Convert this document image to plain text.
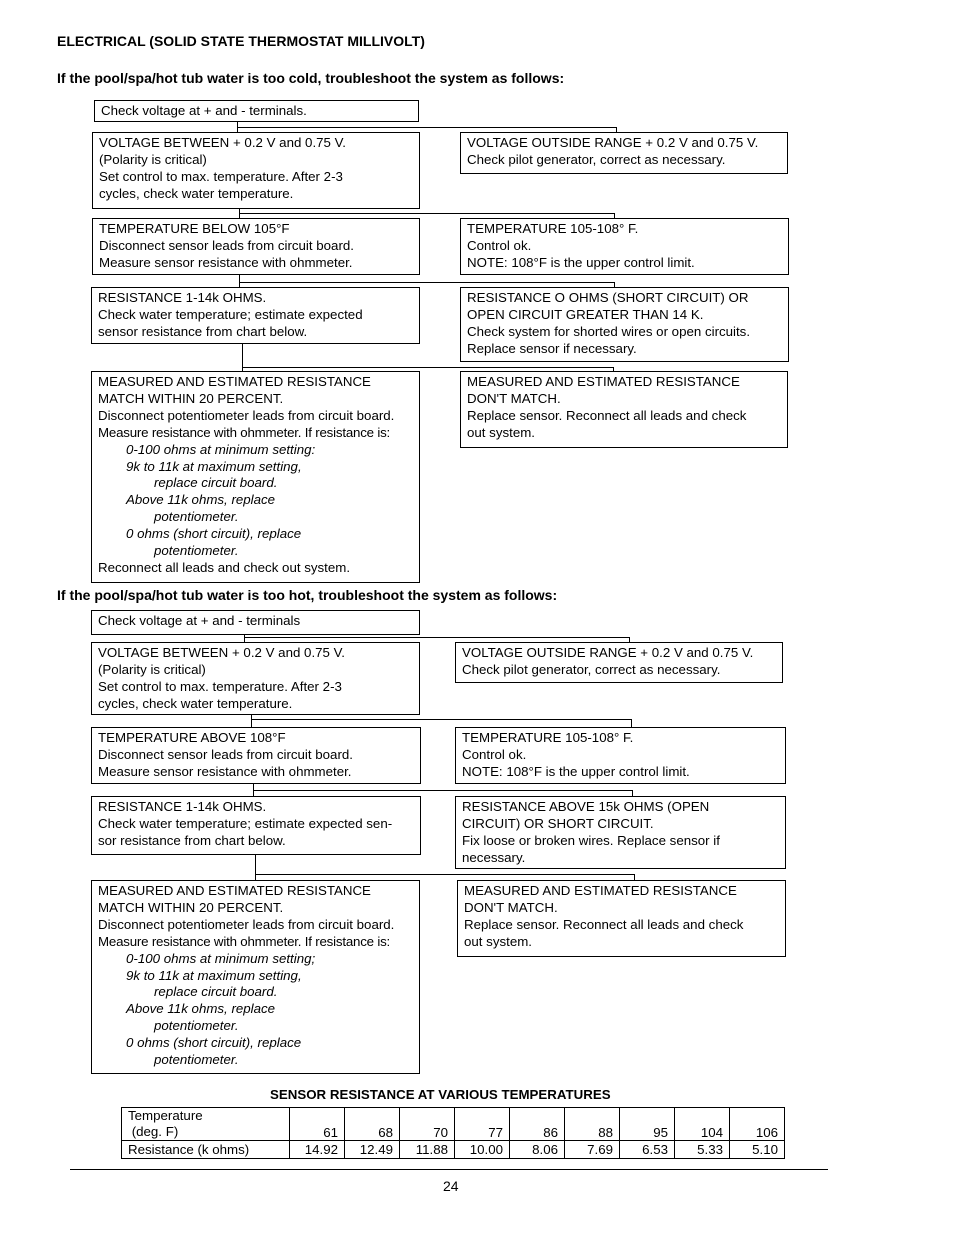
ELECTRICAL (SOLID STATE THERMOSTAT MILLIVOLT)
If the pool/spa/hot tub water is too cold, troubleshoot the system as follows:
Check voltage at + and - terminals.
VOLTAGE BETWEEN + 0.2 V and 0.75 V.
(Polarity is critical)
Set control to max. temperature. After 2-3
cycles, check water temperature.
VOLTAGE OUTSIDE RANGE + 0.2 V and 0.75 V.
Check pilot generator, correct as necessary.
TEMPERATURE BELOW 105°F
Disconnect sensor leads from circuit board.
Measure sensor resistance with ohmmeter.
TEMPERATURE 105-108° F.
Control ok.
NOTE: 108°F is the upper control limit.
RESISTANCE 1-14k OHMS.
Check water temperature; estimate expected
sensor resistance from chart below.
RESISTANCE O OHMS (SHORT CIRCUIT) OR
OPEN CIRCUIT GREATER THAN 14 K.
Check system for shorted wires or open circuits.
Replace sensor if necessary.
MEASURED AND ESTIMATED RESISTANCE
MATCH WITHIN 20 PERCENT.
Disconnect potentiometer leads from circuit board.
Measure resistance with ohmmeter. If resistance is:
0-100 ohms at minimum setting:
9k to 11k at maximum setting,
replace circuit board.
Above 11k ohms, replace
potentiometer.
0 ohms (short circuit), replace
potentiometer.
Reconnect all leads and check out system.
MEASURED AND ESTIMATED RESISTANCE
DON'T MATCH.
Replace sensor. Reconnect all leads and check
out system.
If the pool/spa/hot tub water is too hot, troubleshoot the system as follows:
Check voltage at + and - terminals
VOLTAGE BETWEEN + 0.2 V and 0.75 V.
(Polarity is critical)
Set control to max. temperature. After 2-3
cycles, check water temperature.
VOLTAGE OUTSIDE RANGE + 0.2 V and 0.75 V.
Check pilot generator, correct as necessary.
TEMPERATURE ABOVE 108°F
Disconnect sensor leads from circuit board.
Measure sensor resistance with ohmmeter.
TEMPERATURE 105-108° F.
Control ok.
NOTE: 108°F is the upper control limit.
RESISTANCE 1-14k OHMS.
Check water temperature; estimate expected sen-
sor resistance from chart below.
RESISTANCE ABOVE 15k OHMS (OPEN
CIRCUIT) OR SHORT CIRCUIT.
Fix loose or broken wires. Replace sensor if
necessary.
MEASURED AND ESTIMATED RESISTANCE
MATCH WITHIN 20 PERCENT.
Disconnect potentiometer leads from circuit board.
Measure resistance with ohmmeter. If resistance is:
0-100 ohms at minimum setting;
9k to 11k at maximum setting,
replace circuit board.
Above 11k ohms, replace
potentiometer.
0 ohms (short circuit), replace
potentiometer.
MEASURED AND ESTIMATED RESISTANCE
DON'T MATCH.
Replace sensor. Reconnect all leads and check
out system.
SENSOR RESISTANCE AT VARIOUS TEMPERATURES
Temperature
(deg. F)	61	68	70	77	86	88	95	104	106
Resistance (k ohms)	14.92	12.49	11.88	10.00	8.06	7.69	6.53	5.33	5.10
24
